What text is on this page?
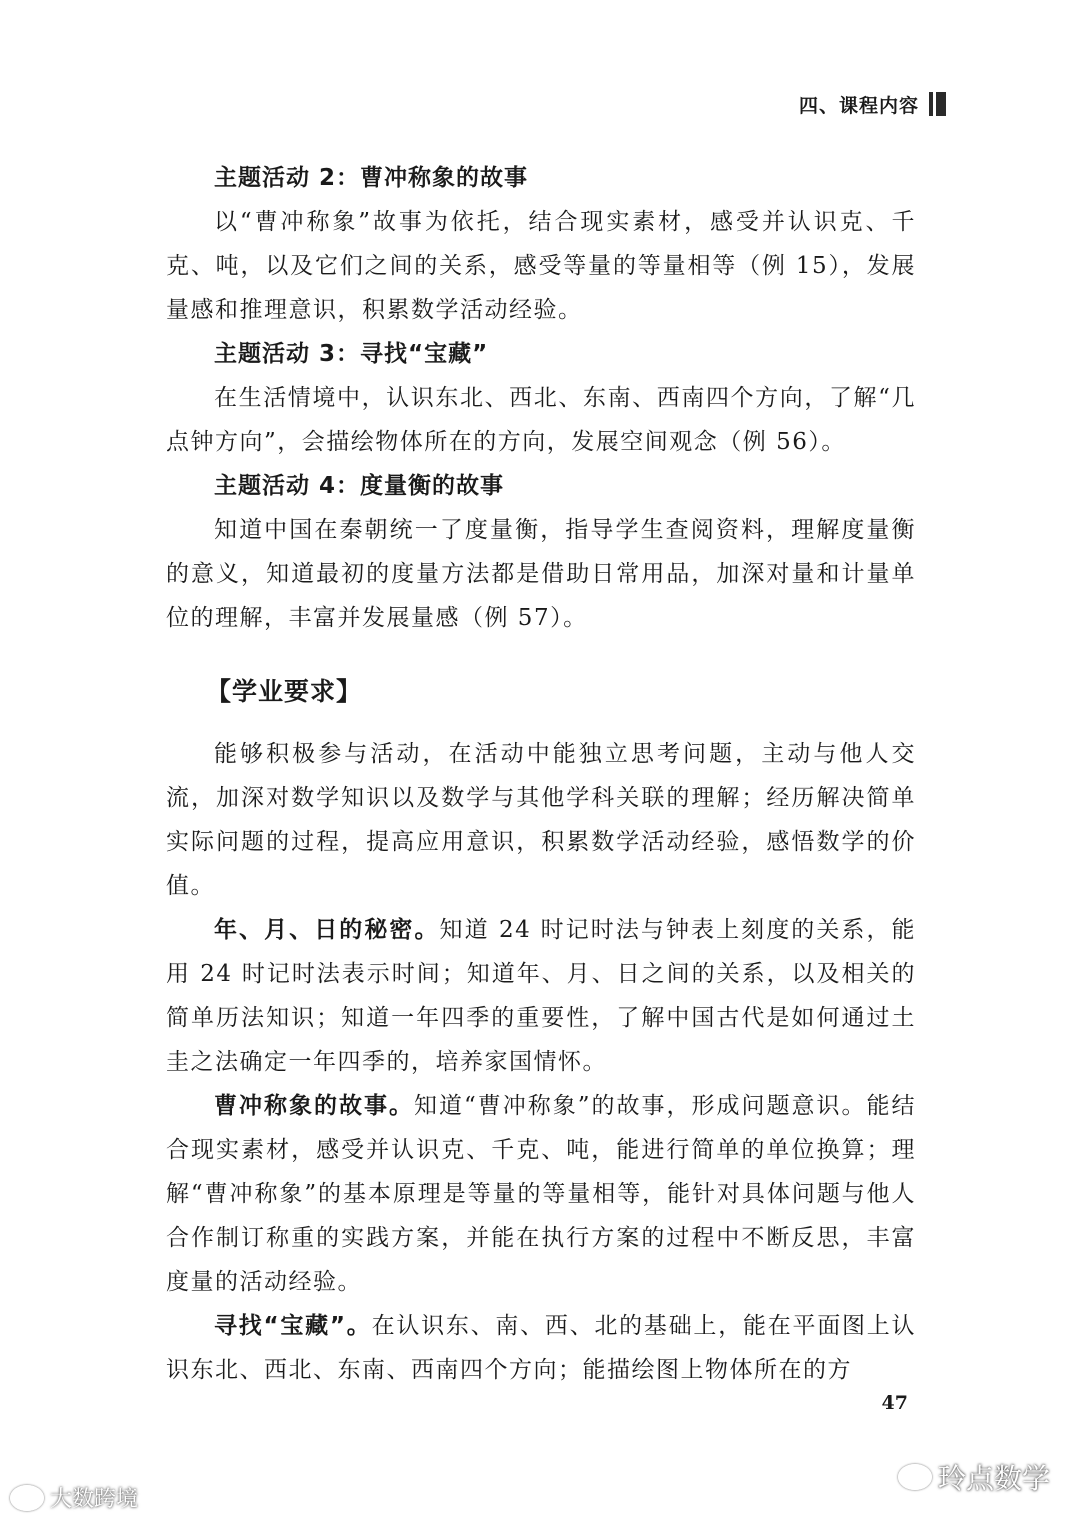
四、课程内容

主题活动 2：曹冲称象的故事

以“曹冲称象”故事为依托，结合现实素材，感受并认识克、千克、吨，以及它们之间的关系，感受等量的等量相等（例 15），发展量感和推理意识，积累数学活动经验。

主题活动 3：寻找“宝藏”

在生活情境中，认识东北、西北、东南、西南四个方向，了解“几点钟方向”，会描绘物体所在的方向，发展空间观念（例 56）。

主题活动 4：度量衡的故事

知道中国在秦朝统一了度量衡，指导学生查阅资料，理解度量衡的意义，知道最初的度量方法都是借助日常用品，加深对量和计量单位的理解，丰富并发展量感（例 57）。

【学业要求】

能够积极参与活动，在活动中能独立思考问题，主动与他人交流，加深对数学知识以及数学与其他学科关联的理解；经历解决简单实际问题的过程，提高应用意识，积累数学活动经验，感悟数学的价值。

年、月、日的秘密。知道 24 时记时法与钟表上刻度的关系，能用 24 时记时法表示时间；知道年、月、日之间的关系，以及相关的简单历法知识；知道一年四季的重要性，了解中国古代是如何通过土圭之法确定一年四季的，培养家国情怀。

曹冲称象的故事。知道“曹冲称象”的故事，形成问题意识。能结合现实素材，感受并认识克、千克、吨，能进行简单的单位换算；理解“曹冲称象”的基本原理是等量的等量相等，能针对具体问题与他人合作制订称重的实践方案，并能在执行方案的过程中不断反思，丰富度量的活动经验。

寻找“宝藏”。在认识东、南、西、北的基础上，能在平面图上认识东北、西北、东南、西南四个方向；能描绘图上物体所在的方

47
大数跨境
玲点数学
